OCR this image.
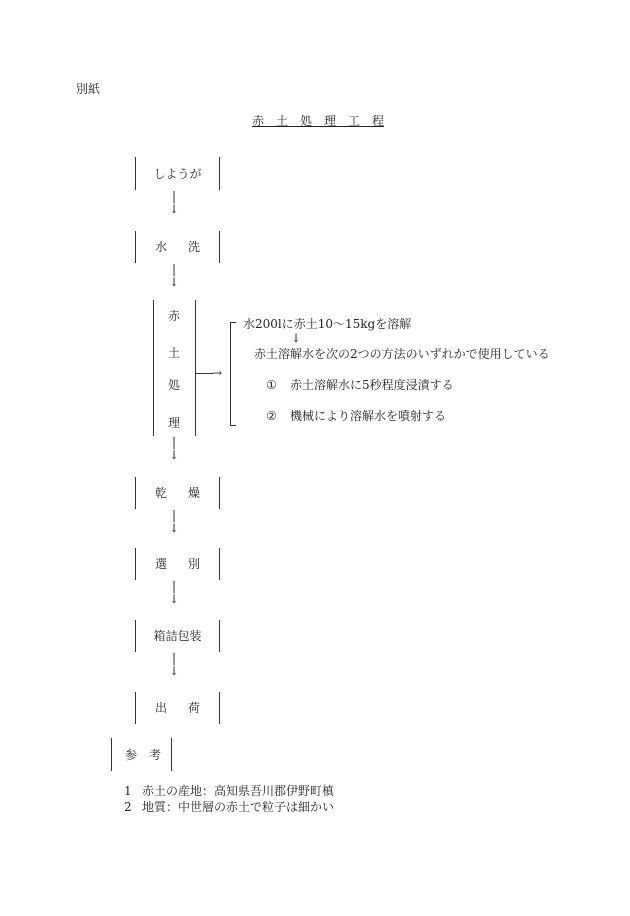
別紙
赤　土　処　理　工　程
しようが
|
↓
水 洗
|
↓
赤
土
処
理
→
水200lに赤土10～15kgを溶解
↓
赤土溶解水を次の2つの方法のいずれかで使用している
① 赤土溶解水に5秒程度浸漬する
② 機械により溶解水を噴射する
|
↓
乾 燥
|
↓
選 別
|
↓
箱詰包装
|
↓
出 荷
参　考
1 赤土の産地：高知県吾川郡伊野町槙
2 地質：中世層の赤土で粒子は細かい
